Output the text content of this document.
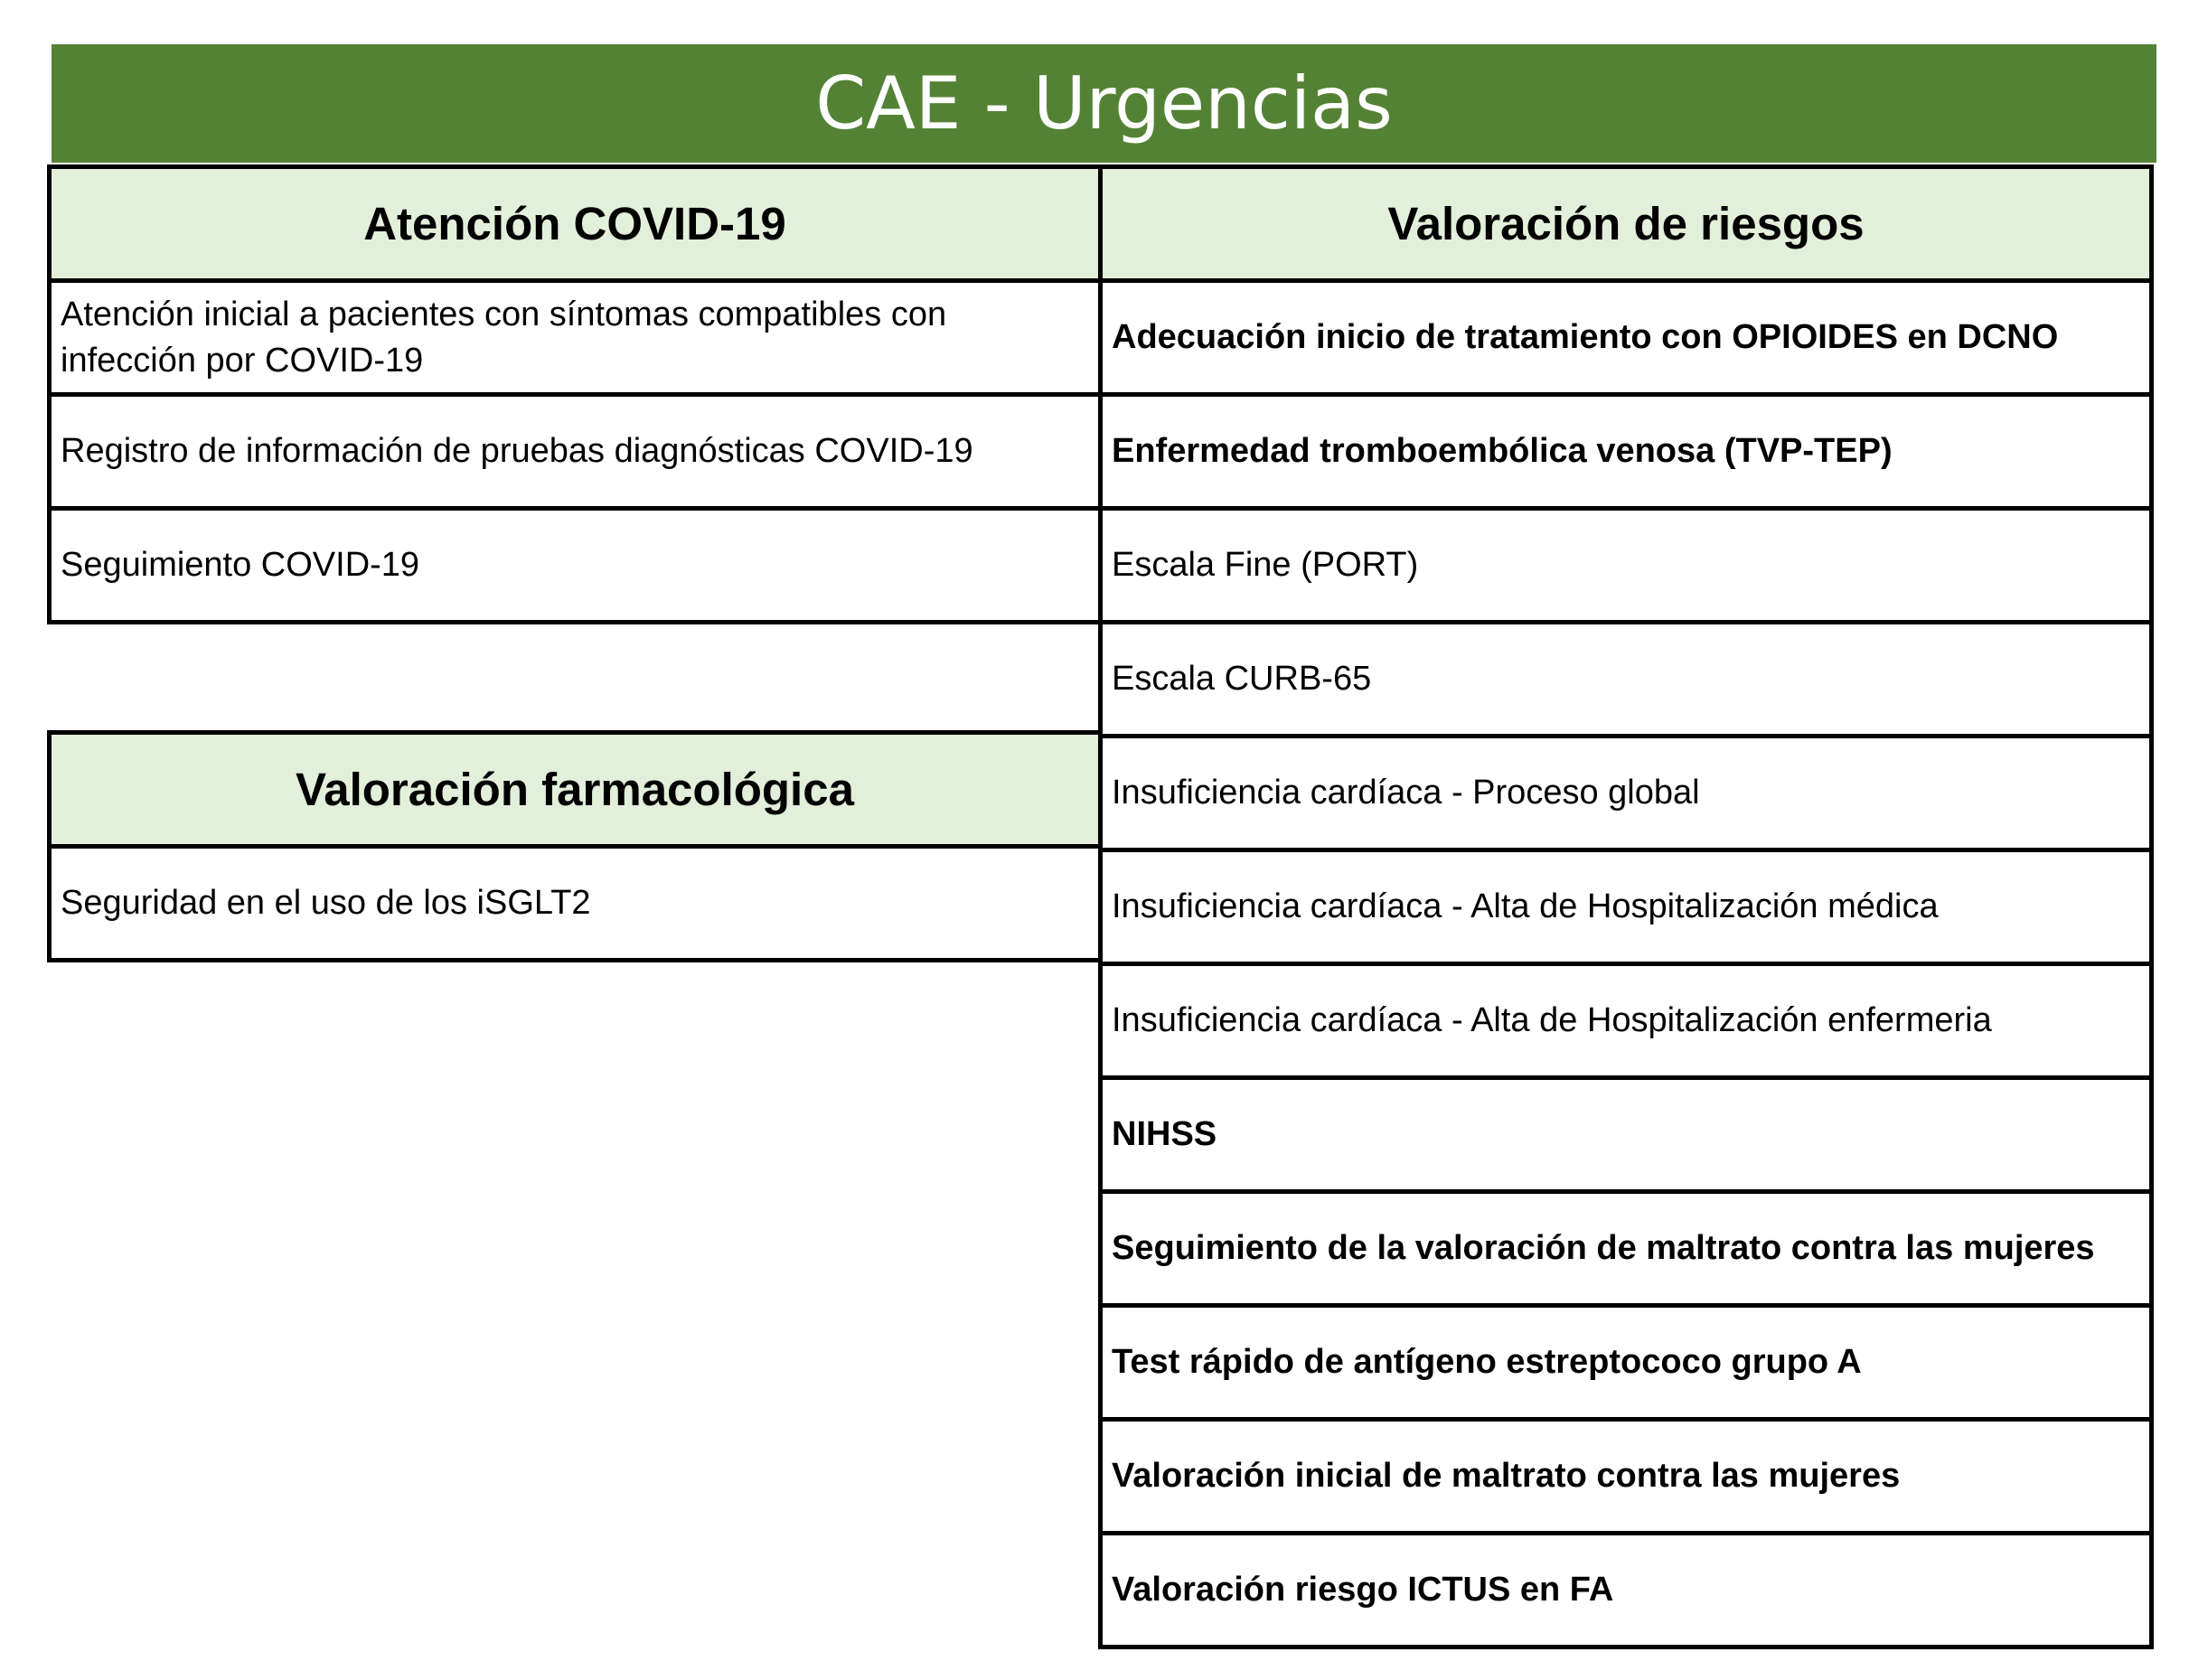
CAE - Urgencias
Atención COVID-19
Atención inicial a pacientes con síntomas compatibles con infección por COVID-19
Registro de información de pruebas diagnósticas COVID-19
Seguimiento COVID-19
Valoración farmacológica
Seguridad en el uso de los iSGLT2
Valoración de riesgos
Adecuación inicio de tratamiento con OPIOIDES en DCNO
Enfermedad tromboembólica venosa (TVP-TEP)
Escala Fine (PORT)
Escala CURB-65
Insuficiencia cardíaca - Proceso global
Insuficiencia cardíaca - Alta de Hospitalización médica
Insuficiencia cardíaca - Alta de Hospitalización enfermeria
NIHSS
Seguimiento de la valoración de maltrato contra las mujeres
Test rápido de antígeno estreptococo grupo A
Valoración inicial de maltrato contra las mujeres
Valoración riesgo ICTUS en FA
